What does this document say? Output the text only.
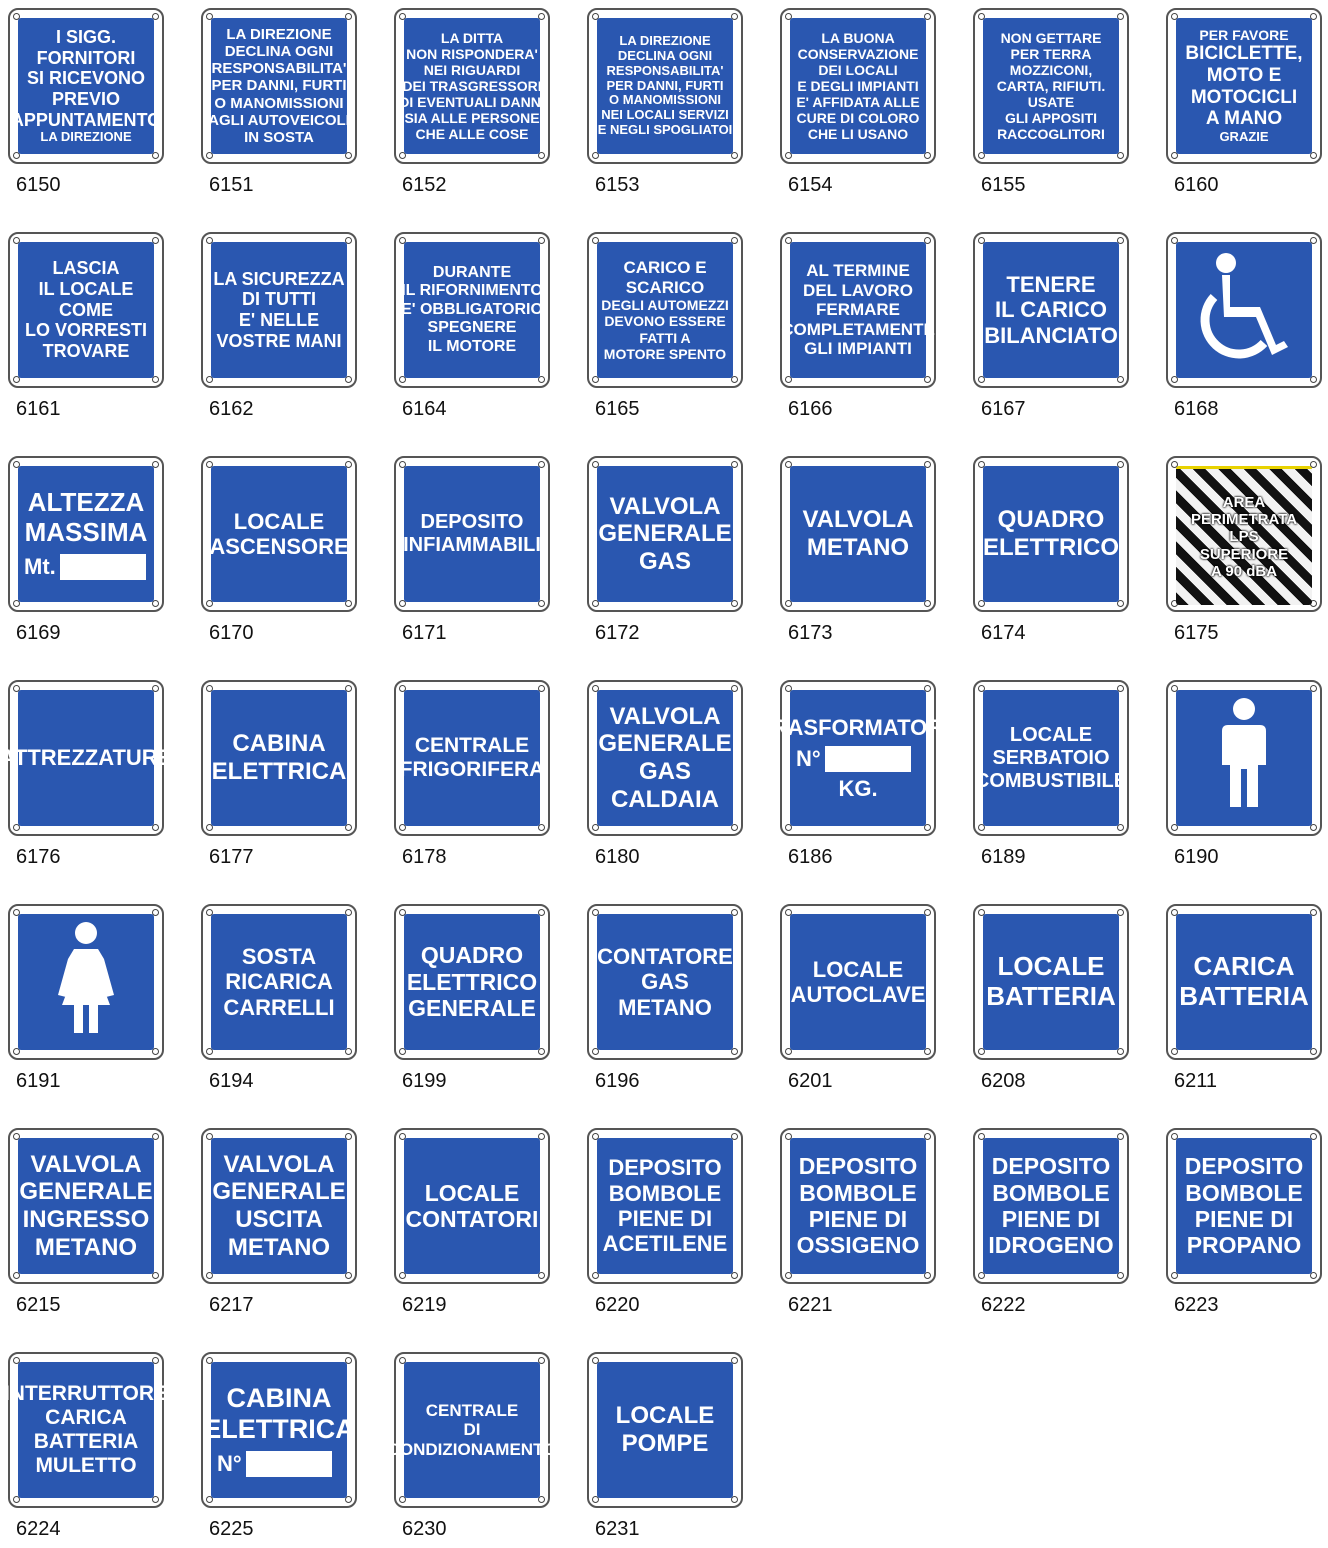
I SIGG.
FORNITORI
SI RICEVONO
PREVIO
APPUNTAMENTO
LA DIREZIONE
6150
LA DIREZIONE
DECLINA OGNI
RESPONSABILITA'
PER DANNI, FURTI
O MANOMISSIONI
AGLI AUTOVEICOLI
IN SOSTA
6151
LA DITTA
NON RISPONDERA'
NEI RIGUARDI
DEI TRASGRESSORI
DI EVENTUALI DANNI
SIA ALLE PERSONE
CHE ALLE COSE
6152
LA DIREZIONE
DECLINA OGNI
RESPONSABILITA'
PER DANNI, FURTI
O MANOMISSIONI
NEI LOCALI SERVIZI
E NEGLI SPOGLIATOI
6153
LA BUONA
CONSERVAZIONE
DEI LOCALI
E DEGLI IMPIANTI
E' AFFIDATA ALLE
CURE DI COLORO
CHE LI USANO
6154
NON GETTARE
PER TERRA
MOZZICONI,
CARTA, RIFIUTI.
USATE
GLI APPOSITI
RACCOGLITORI
6155
PER FAVORE
BICICLETTE,
MOTO E
MOTOCICLI
A MANO
GRAZIE
6160
LASCIA
IL LOCALE
COME
LO VORRESTI
TROVARE
6161
LA SICUREZZA
DI TUTTI
E' NELLE
VOSTRE MANI
6162
DURANTE
IL RIFORNIMENTO
E' OBBLIGATORIO
SPEGNERE
IL MOTORE
6164
CARICO E
SCARICO
DEGLI AUTOMEZZI
DEVONO ESSERE
FATTI A
MOTORE SPENTO
6165
AL TERMINE
DEL LAVORO
FERMARE
COMPLETAMENTE
GLI IMPIANTI
6166
TENERE
IL CARICO
BILANCIATO
6167	6168
ALTEZZA
MASSIMA
Mt.
6169
LOCALE
ASCENSORE
6170
DEPOSITO
INFIAMMABILI
6171
VALVOLA
GENERALE
GAS
6172
VALVOLA
METANO
6173
QUADRO
ELETTRICO
6174
AREA
PERIMETRATA
LPS
SUPERIORE
A 90 dBA
6175
ATTREZZATURE
6176
CABINA
ELETTRICA
6177
CENTRALE
FRIGORIFERA
6178
VALVOLA
GENERALE
GAS
CALDAIA
6180
TRASFORMATORE
N°
KG.
6186
LOCALE
SERBATOIO
COMBUSTIBILE
6189	6190
6191
SOSTA
RICARICA
CARRELLI
6194
QUADRO
ELETTRICO
GENERALE
6199
CONTATORE
GAS
METANO
6196
LOCALE
AUTOCLAVE
6201
LOCALE
BATTERIA
6208
CARICA
BATTERIA
6211
VALVOLA
GENERALE
INGRESSO
METANO
6215
VALVOLA
GENERALE
USCITA
METANO
6217
LOCALE
CONTATORI
6219
DEPOSITO
BOMBOLE
PIENE DI
ACETILENE
6220
DEPOSITO
BOMBOLE
PIENE DI
OSSIGENO
6221
DEPOSITO
BOMBOLE
PIENE DI
IDROGENO
6222
DEPOSITO
BOMBOLE
PIENE DI
PROPANO
6223
INTERRUTTORE
CARICA
BATTERIA
MULETTO
6224
CABINA
ELETTRICA
N°
6225
CENTRALE
DI
CONDIZIONAMENTO
6230
LOCALE
POMPE
6231
